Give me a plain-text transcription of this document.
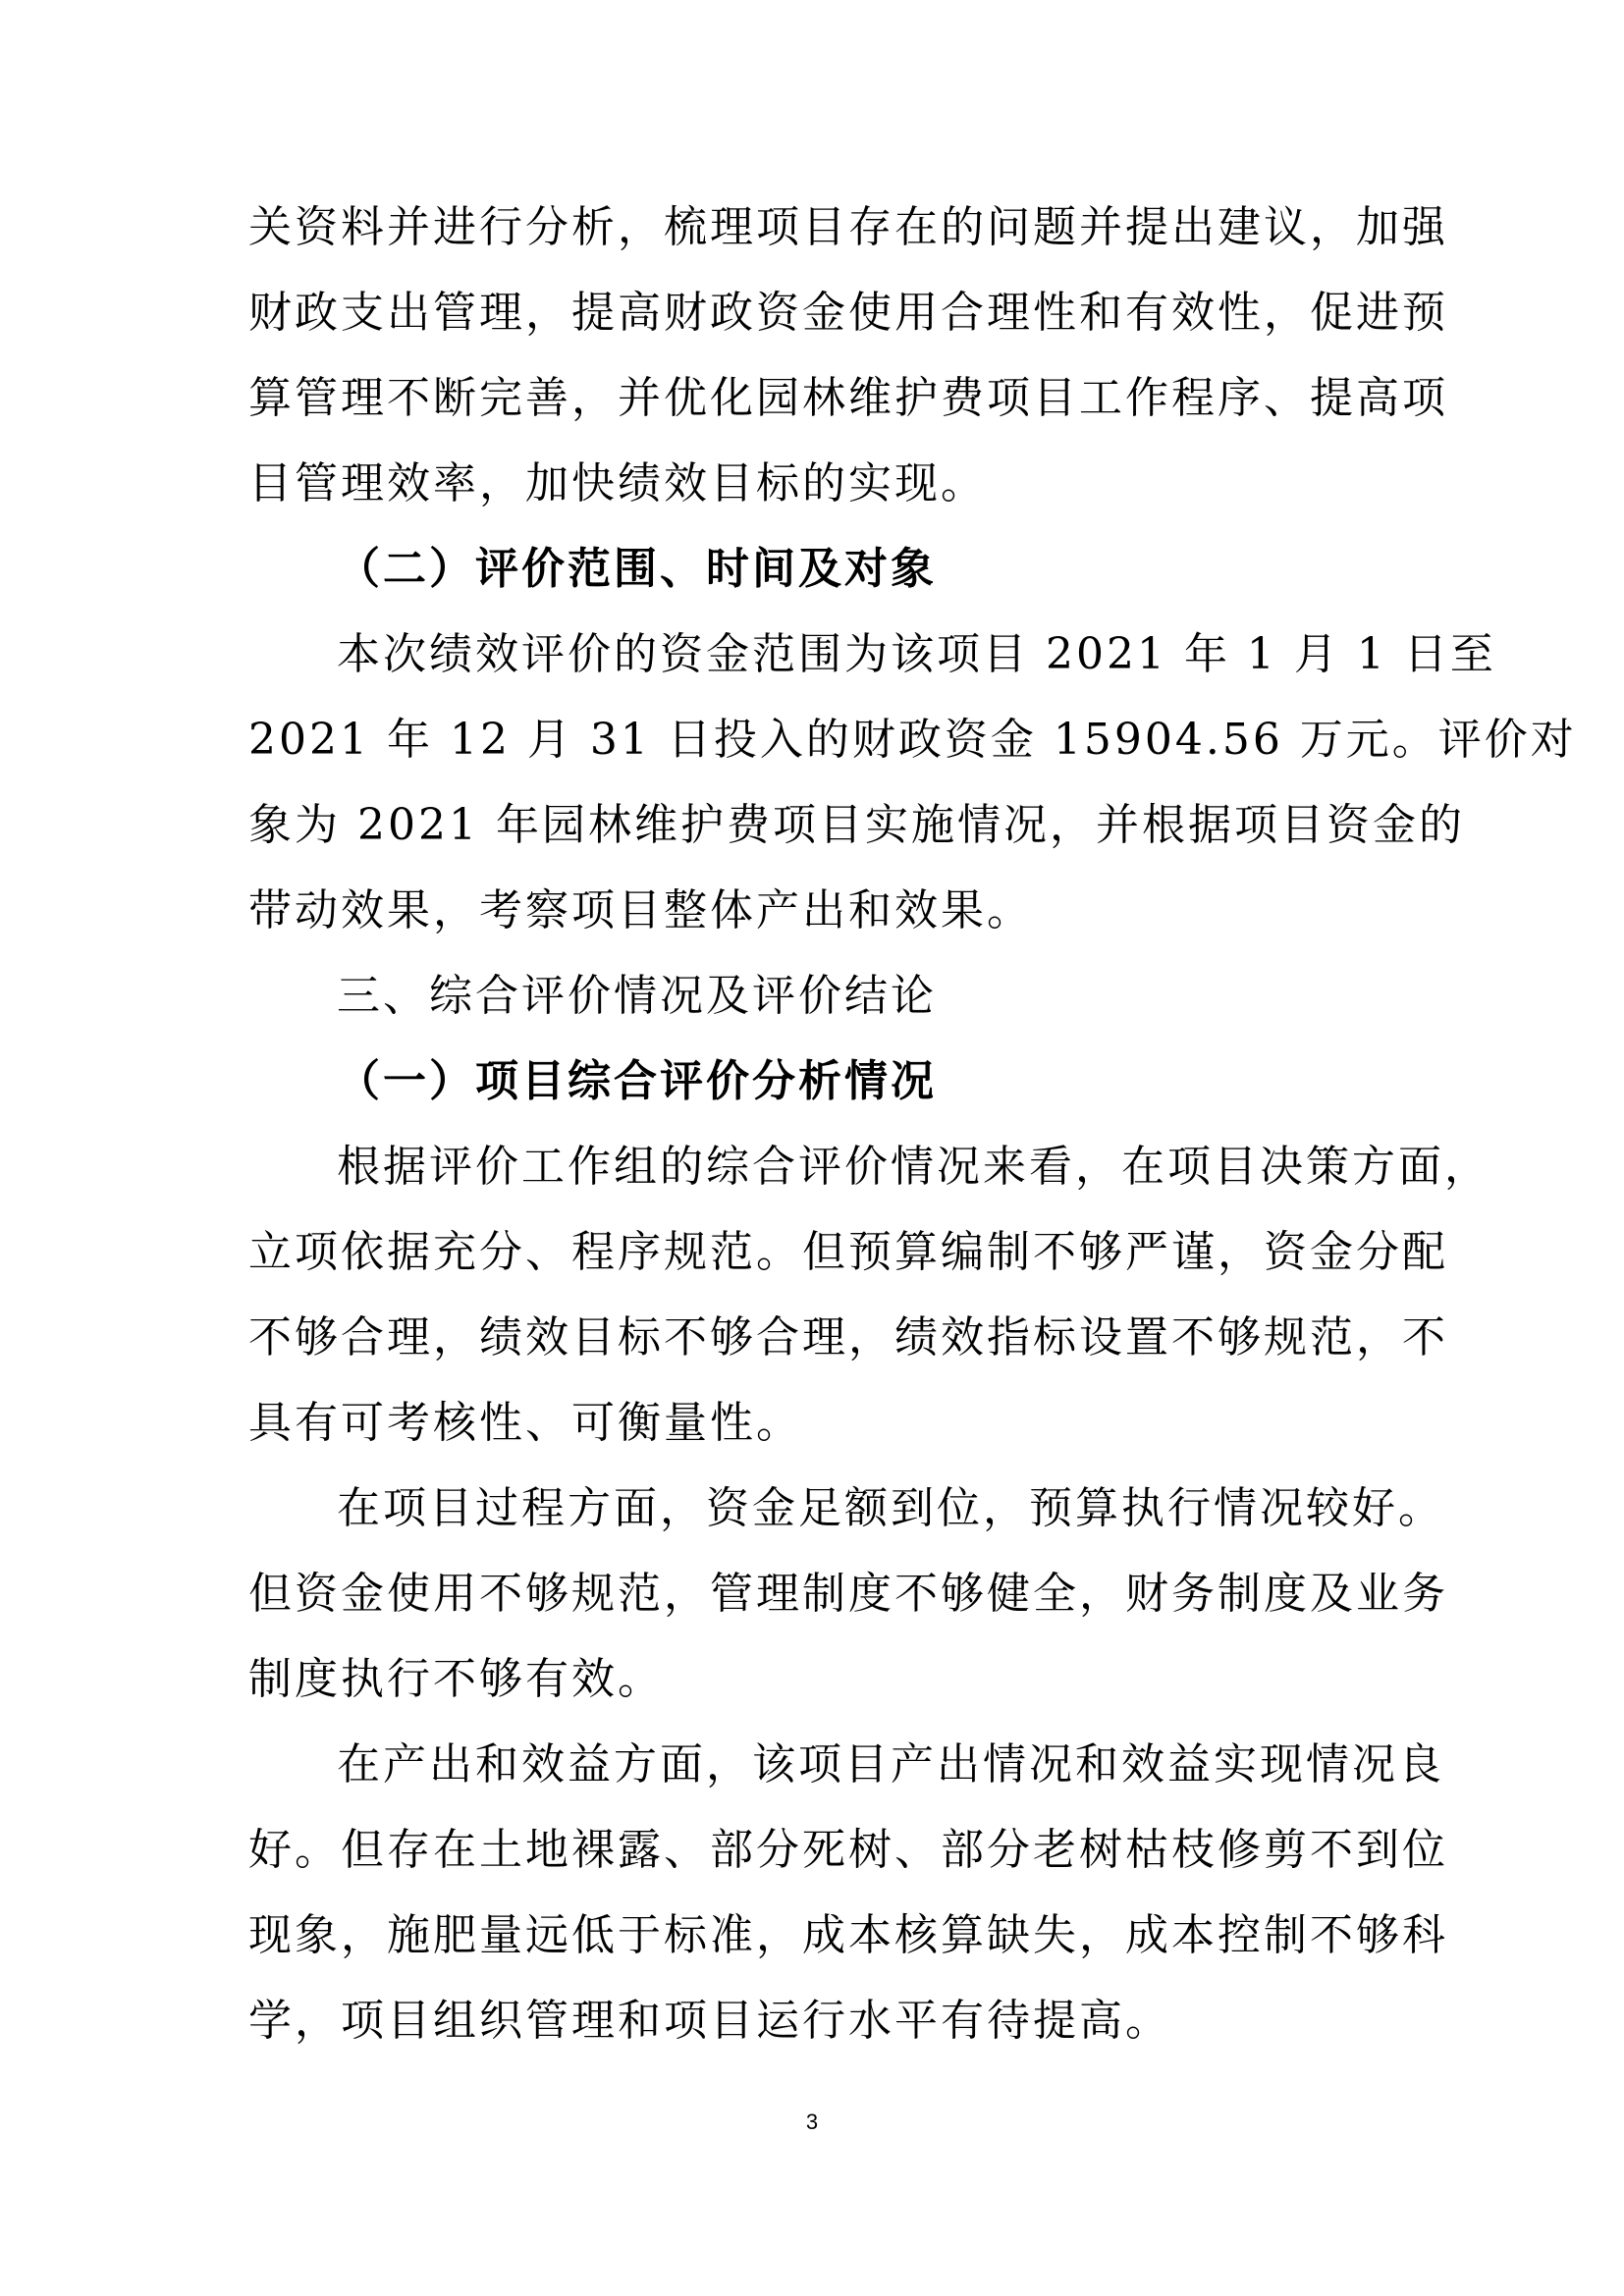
关资料并进行分析，梳理项目存在的问题并提出建议，加强
财政支出管理，提高财政资金使用合理性和有效性，促进预
算管理不断完善，并优化园林维护费项目工作程序、提高项
目管理效率，加快绩效目标的实现。
（二）评价范围、时间及对象
本次绩效评价的资金范围为该项目 2021 年 1 月 1 日至
2021 年 12 月 31 日投入的财政资金 15904.56 万元。评价对
象为 2021 年园林维护费项目实施情况，并根据项目资金的
带动效果，考察项目整体产出和效果。
三、综合评价情况及评价结论
（一）项目综合评价分析情况
根据评价工作组的综合评价情况来看，在项目决策方面，
立项依据充分、程序规范。但预算编制不够严谨，资金分配
不够合理，绩效目标不够合理，绩效指标设置不够规范，不
具有可考核性、可衡量性。
在项目过程方面，资金足额到位，预算执行情况较好。
但资金使用不够规范，管理制度不够健全，财务制度及业务
制度执行不够有效。
在产出和效益方面，该项目产出情况和效益实现情况良
好。但存在土地裸露、部分死树、部分老树枯枝修剪不到位
现象，施肥量远低于标准，成本核算缺失，成本控制不够科
学，项目组织管理和项目运行水平有待提高。
3
